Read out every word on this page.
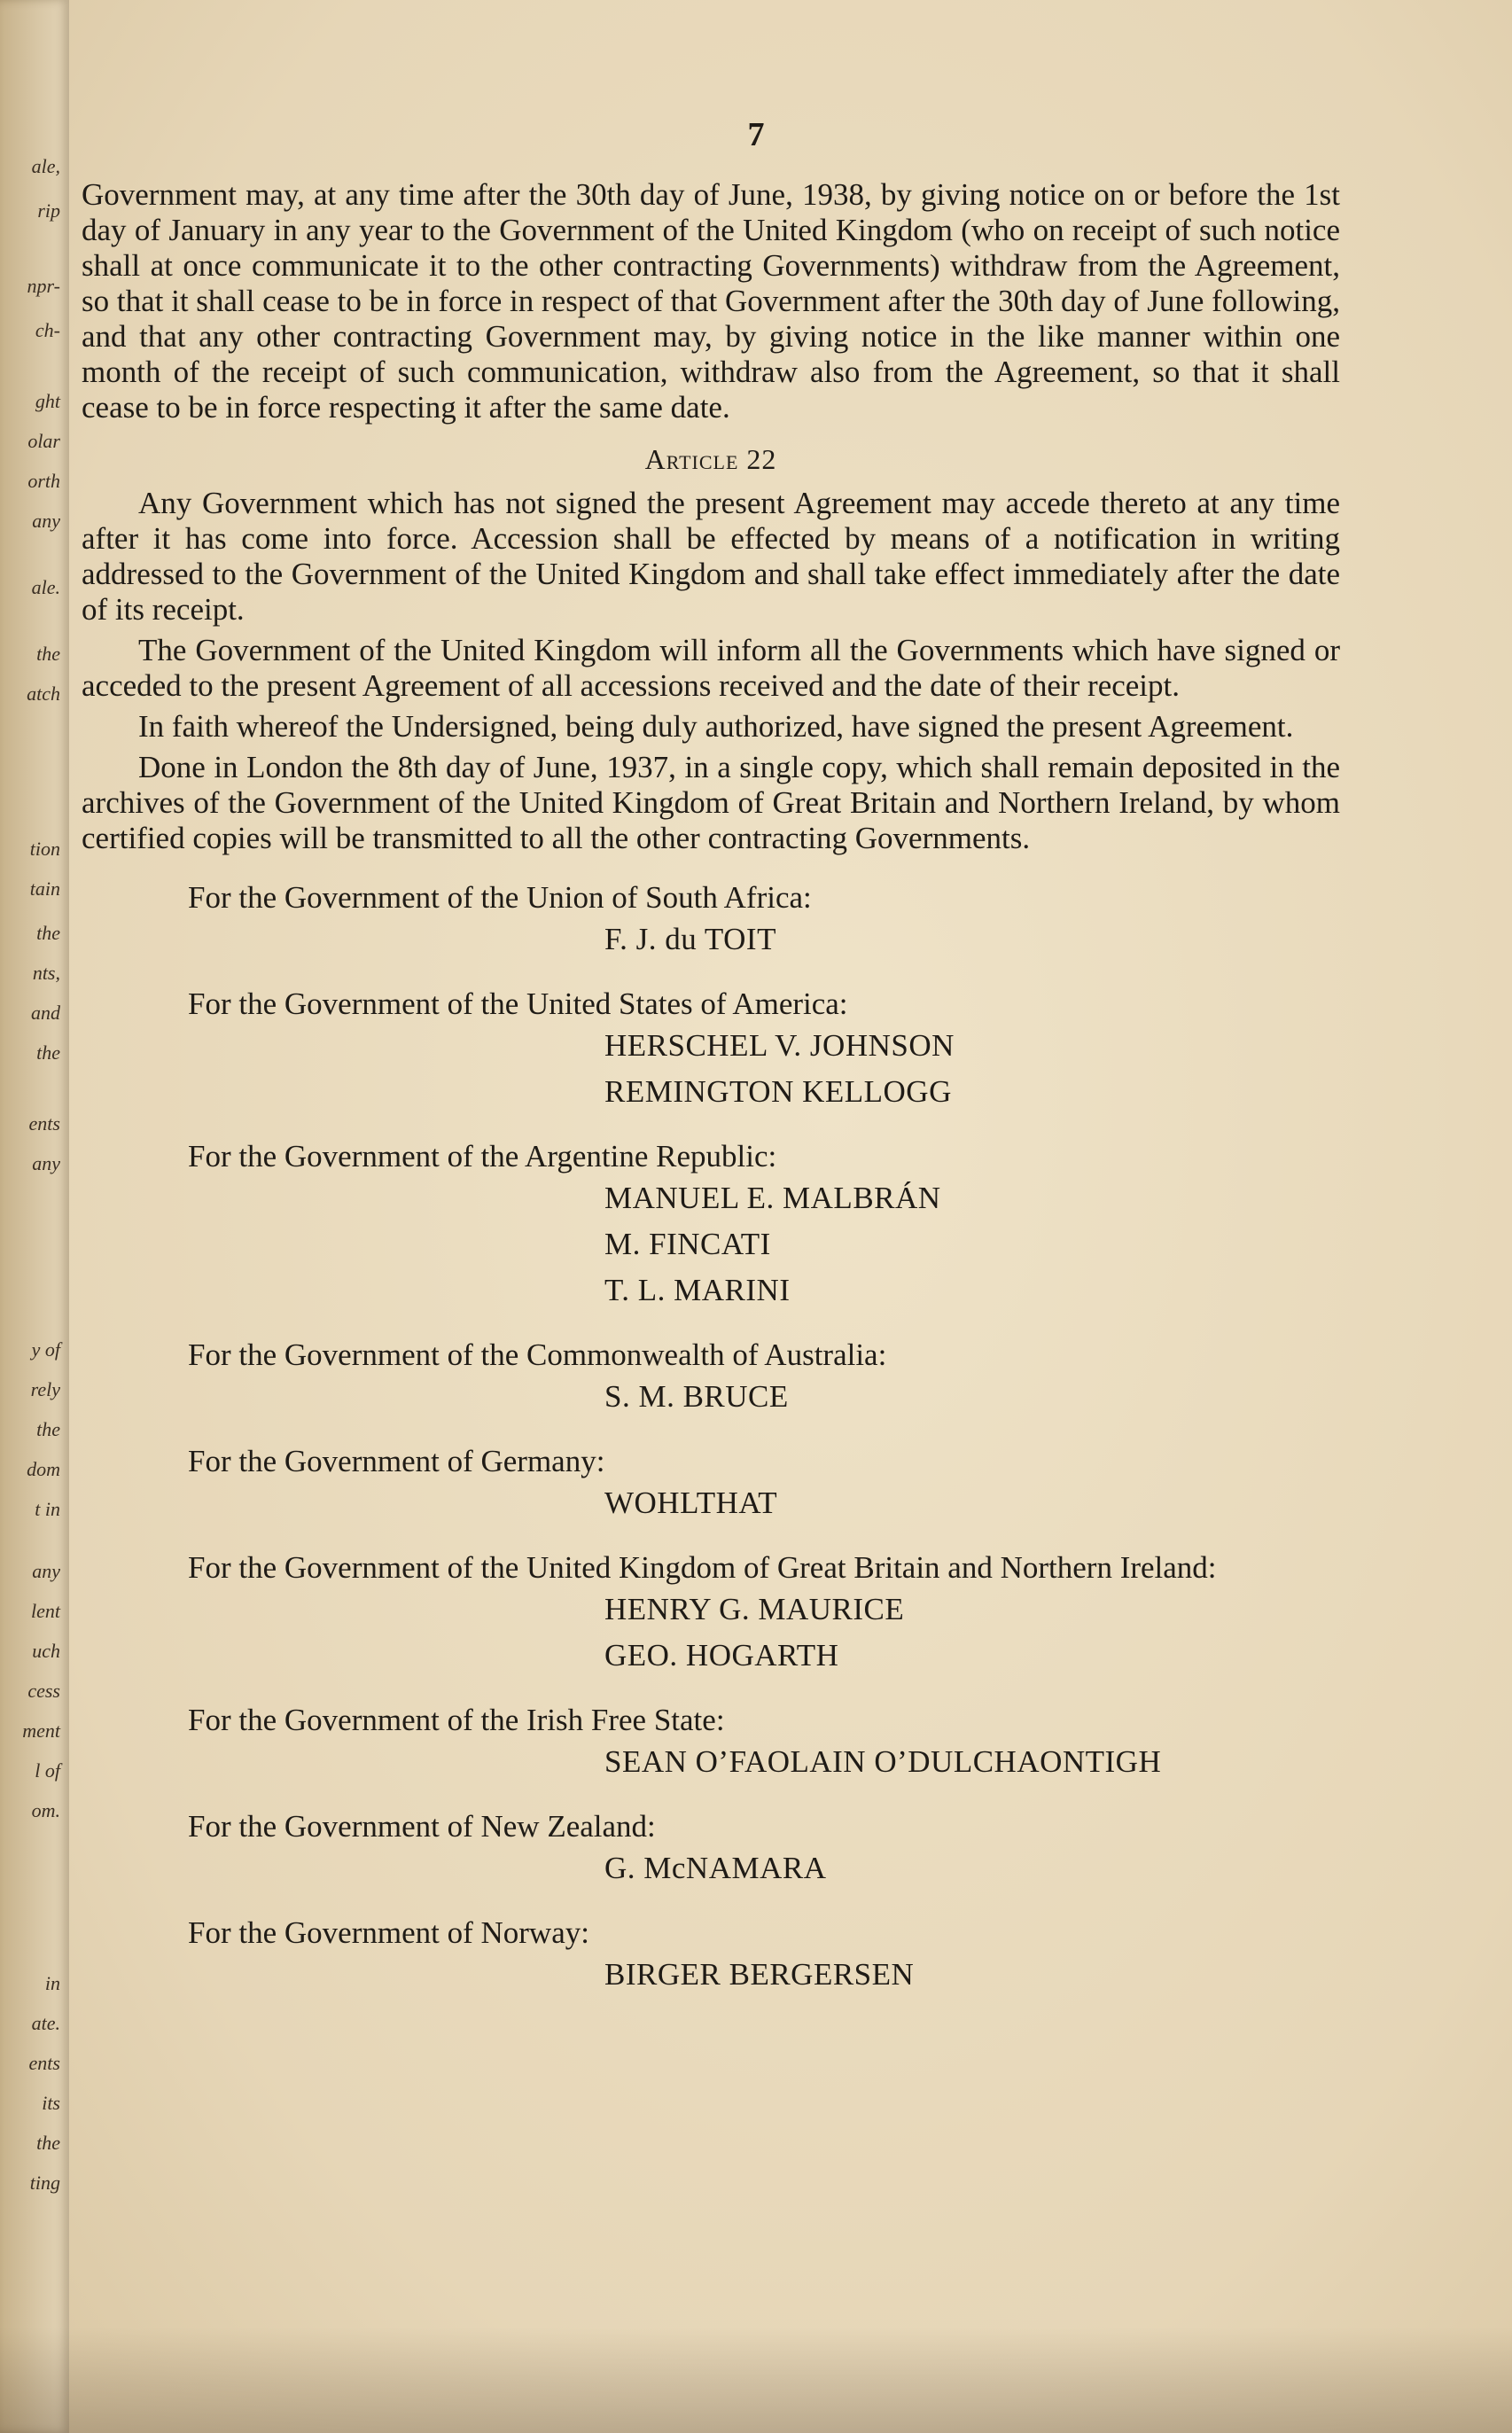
ale,
rip
npr-
ch-
ght
olar
orth
any
ale.
the
atch
tion
tain
the
nts,
and
the
ents
any
y of
rely
the
dom
t in
any
lent
uch
cess
ment
l of
om.
in
ate.
ents
its
the
ting
7

Government may, at any time after the 30th day of June, 1938, by giving notice on or before the 1st day of January in any year to the Government of the United Kingdom (who on receipt of such notice shall at once communicate it to the other contracting Governments) withdraw from the Agreement, so that it shall cease to be in force in respect of that Government after the 30th day of June following, and that any other contracting Government may, by giving notice in the like manner within one month of the receipt of such communication, withdraw also from the Agreement, so that it shall cease to be in force respecting it after the same date.

Article 22

Any Government which has not signed the present Agreement may accede thereto at any time after it has come into force. Accession shall be effected by means of a notification in writing addressed to the Government of the United Kingdom and shall take effect immediately after the date of its receipt.

The Government of the United Kingdom will inform all the Governments which have signed or acceded to the present Agreement of all accessions received and the date of their receipt.

In faith whereof the Undersigned, being duly authorized, have signed the present Agreement.

Done in London the 8th day of June, 1937, in a single copy, which shall remain deposited in the archives of the Government of the United Kingdom of Great Britain and Northern Ireland, by whom certified copies will be transmitted to all the other contracting Governments.

For the Government of the Union of South Africa:
F. J. du TOIT
For the Government of the United States of America:
HERSCHEL V. JOHNSON
REMINGTON KELLOGG
For the Government of the Argentine Republic:
MANUEL E. MALBRÁN
M. FINCATI
T. L. MARINI
For the Government of the Commonwealth of Australia:
S. M. BRUCE
For the Government of Germany:
WOHLTHAT
For the Government of the United Kingdom of Great Britain and Northern Ireland:
HENRY G. MAURICE
GEO. HOGARTH
For the Government of the Irish Free State:
SEAN O’FAOLAIN O’DULCHAONTIGH
For the Government of New Zealand:
G. McNAMARA
For the Government of Norway:
BIRGER BERGERSEN
